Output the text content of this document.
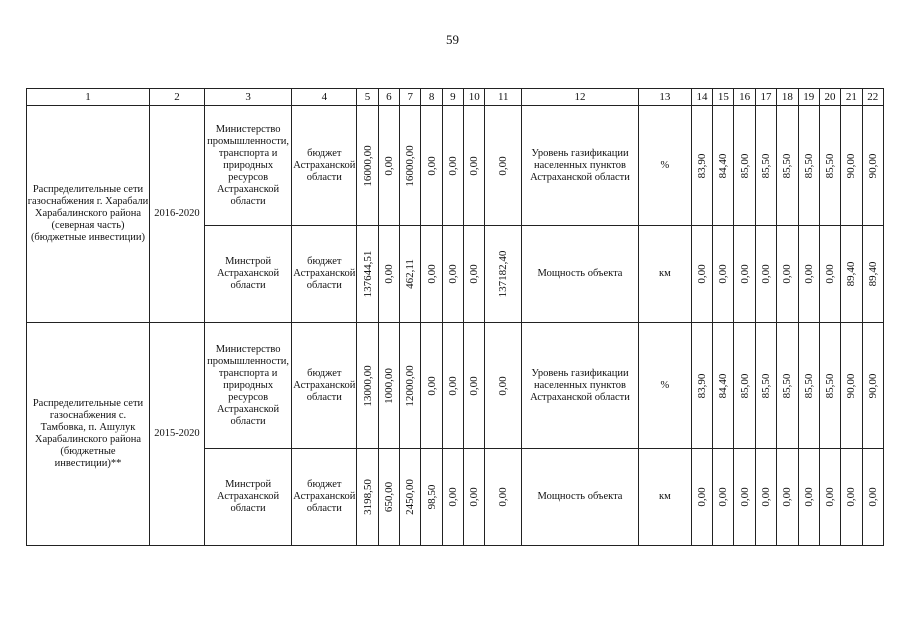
59
1	2	3	4	5	6	7	8	9	10	11	12	13	14	15	16	17	18	19	20	21	22
Распределительные сети газоснабжения г. Харабали Харабалинского района (северная часть) (бюджетные инвестиции)	2016-2020	Министерство промышленности, транспорта и природных ресурсов Астраханской области	бюджет Астраханской области	16000,00	0,00	16000,00	0,00	0,00	0,00	0,00	Уровень газификации населенных пунктов Астраханской области	%	83,90	84,40	85,00	85,50	85,50	85,50	85,50	90,00	90,00

		Минстрой Астраханской области	бюджет Астраханской области	137644,51	0,00	462,11	0,00	0,00	0,00	137182,40	Мощность объекта	км	0,00	0,00	0,00	0,00	0,00	0,00	0,00	89,40	89,40

Распределительные сети газоснабжения с. Тамбовка, п. Ашулук Харабалинского района (бюджетные инвестиции)**	2015-2020	Министерство промышленности, транспорта и природных ресурсов Астраханской области	бюджет Астраханской области	13000,00	1000,00	12000,00	0,00	0,00	0,00	0,00	Уровень газификации населенных пунктов Астраханской области	%	83,90	84,40	85,00	85,50	85,50	85,50	85,50	90,00	90,00

		Минстрой Астраханской области	бюджет Астраханской области	3198,50	650,00	2450,00	98,50	0,00	0,00	0,00	Мощность объекта	км	0,00	0,00	0,00	0,00	0,00	0,00	0,00	0,00	0,00
